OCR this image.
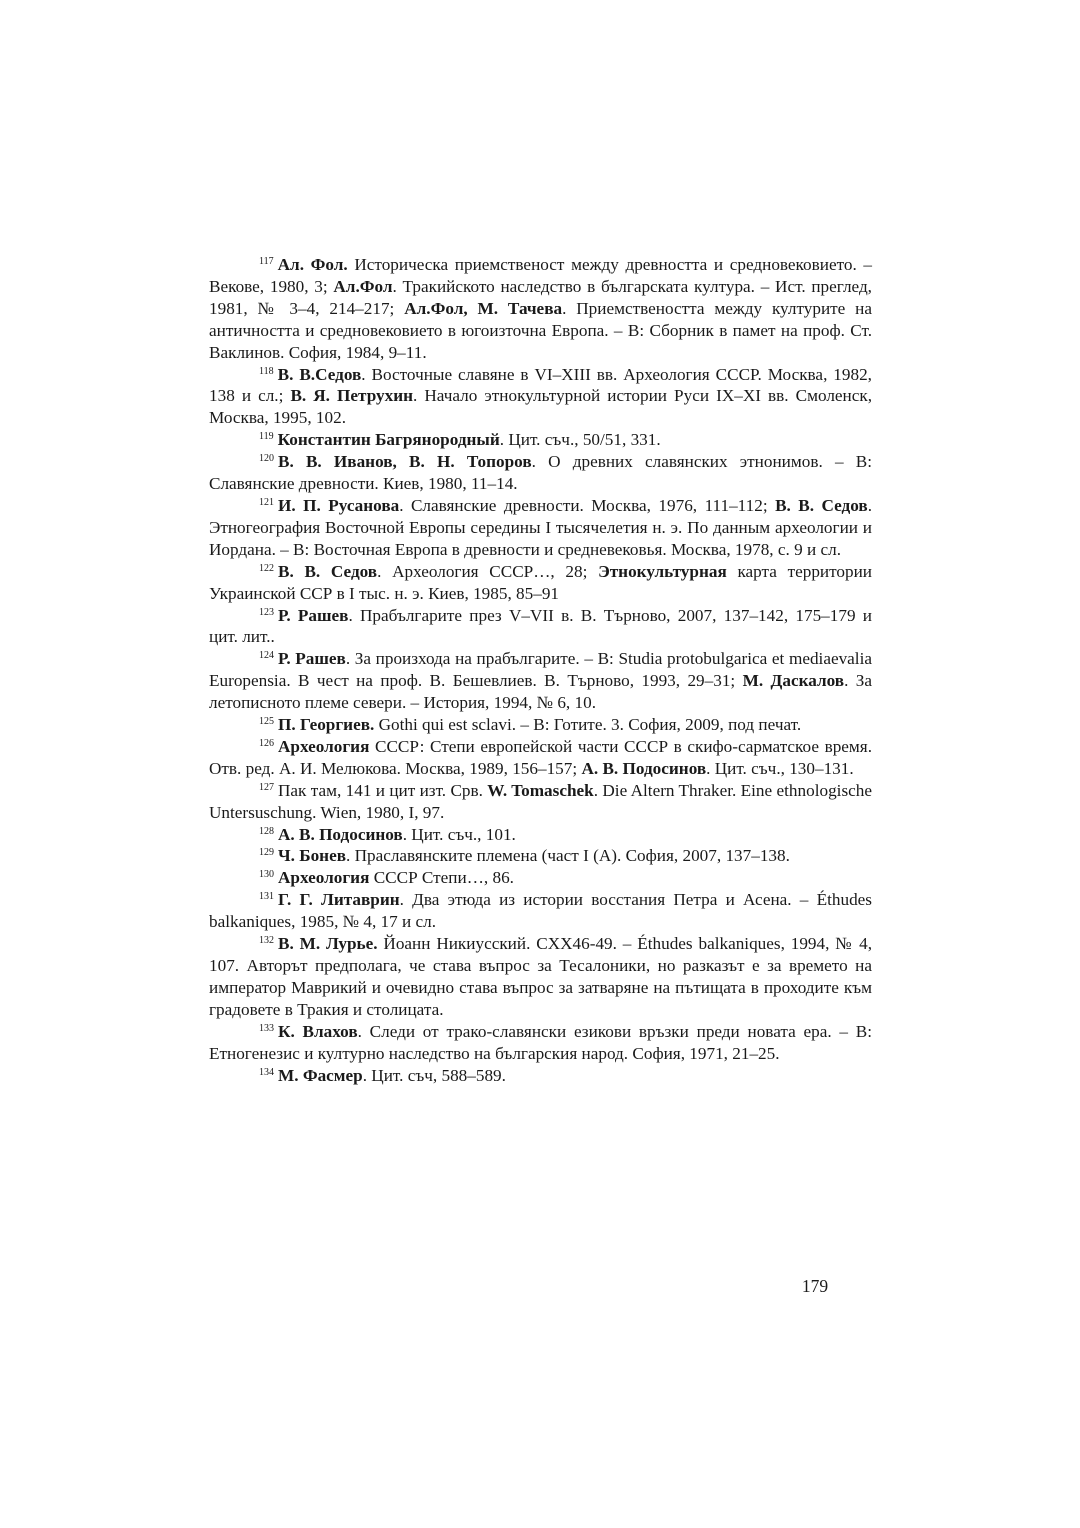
$^{117}$ Ал. Фол. Историческа приемственост между древността и средновековието. – Векове, 1980, 3; Ал.Фол. Тракийското наследство в българската култура. – Ист. преглед, 1981, № 3–4, 214–217; Ал.Фол, М. Тачева. Приемствеността между културите на античността и средновековието в югоизточна Европа. – В: Сборник в памет на проф. Ст. Ваклинов. София, 1984, 9–11.

$^{118}$ В. В.Седов. Восточные славяне в VI–XIII вв. Археология СССР. Москва, 1982, 138 и сл.; В. Я. Петрухин. Начало этнокультурной истории Руси IX–XI вв. Смоленск, Москва, 1995, 102.

$^{119}$ Константин Багрянородный. Цит. съч., 50/51, 331.

$^{120}$ В. В. Иванов, В. Н. Топоров. О древних славянских этнонимов. – В: Славянские древности. Киев, 1980, 11–14.

$^{121}$ И. П. Русанова. Славянские древности. Москва, 1976, 111–112; В. В. Седов. Этногеография Восточной Европы середины I тысячелетия н. э. По данным археологии и Иордана. – В: Восточная Европа в древности и средневековья. Москва, 1978, с. 9 и сл.

$^{122}$ В. В. Седов. Археология СССР…, 28; Этнокультурная карта территории Украинской ССР в I тыс. н. э. Киев, 1985, 85–91

$^{123}$ Р. Рашев. Прабългарите през V–VII в. В. Търново, 2007, 137–142, 175–179 и цит. лит..

$^{124}$ Р. Рашев. За произхода на прабългарите. – В: Studia protobulgarica et mediaevalia Europensia. В чест на проф. В. Бешевлиев. В. Търново, 1993, 29–31; М. Даскалов. За летописното племе севери. – История, 1994, № 6, 10.

$^{125}$ П. Георгиев. Gothi qui est sclavi. – В: Готите. 3. София, 2009, под печат.

$^{126}$ Археология СССР: Степи европейской части СССР в скифо-сарматское время. Отв. ред. А. И. Мелюкова. Москва, 1989, 156–157; А. В. Подосинов. Цит. съч., 130–131.

$^{127}$ Пак там, 141 и цит изт. Срв. W. Tomaschek. Die Altern Thraker. Eine ethnologische Untersuschung. Wien, 1980, I, 97.

$^{128}$ А. В. Подосинов. Цит. съч., 101.

$^{129}$ Ч. Бонев. Праславянските племена (част I (A). София, 2007, 137–138.

$^{130}$ Археология СССР Степи…, 86.

$^{131}$ Г. Г. Литаврин. Два этюда из истории восстания Петра и Асена. – Éthudes balkaniques, 1985, № 4, 17 и сл.

$^{132}$ В. М. Лурье. Йоанн Никиусский. CXX46-49. – Éthudes balkaniques, 1994, № 4, 107. Авторът предполага, че става въпрос за Тесалоники, но разказът е за времето на император Маврикий и очевидно става въпрос за затваряне на пътищата в проходите към градовете в Тракия и столицата.

$^{133}$ К. Влахов. Следи от трако-славянски езикови връзки преди новата ера. – В: Етногенезис и културно наследство на българския народ. София, 1971, 21–25.

$^{134}$ М. Фасмер. Цит. съч, 588–589.

179
